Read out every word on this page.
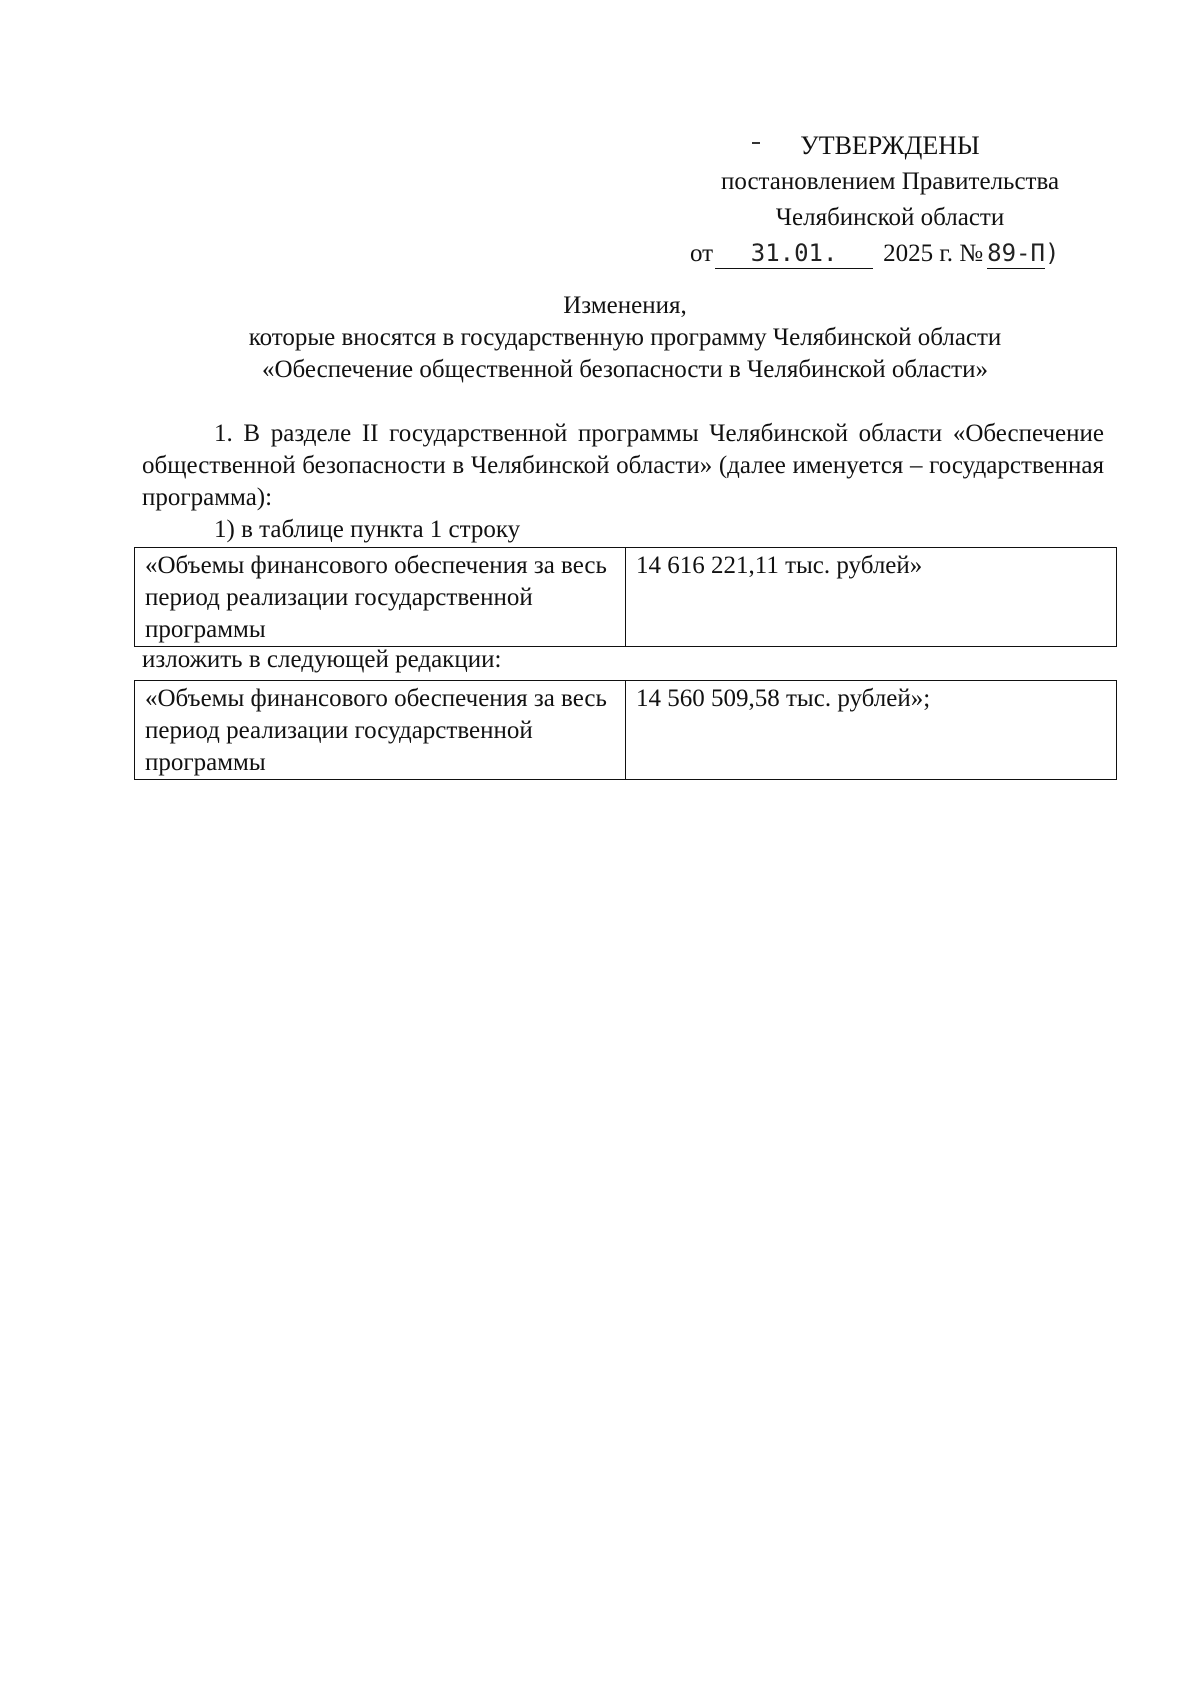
УТВЕРЖДЕНЫ
постановлением Правительства
Челябинской области
от 31.01. 2025 г. № 89-П)
Изменения,
которые вносятся в государственную программу Челябинской области
«Обеспечение общественной безопасности в Челябинской области»

1. В разделе II государственной программы Челябинской области «Обеспечение общественной безопасности в Челябинской области» (далее именуется – государственная программа):

1) в таблице пункта 1 строку

«Объемы финансового обеспечения за весь период реализации государственной программы	14 616 221,11 тыс. рублей»
изложить в следующей редакции:
«Объемы финансового обеспечения за весь период реализации государственной программы	14 560 509,58 тыс. рублей»;
